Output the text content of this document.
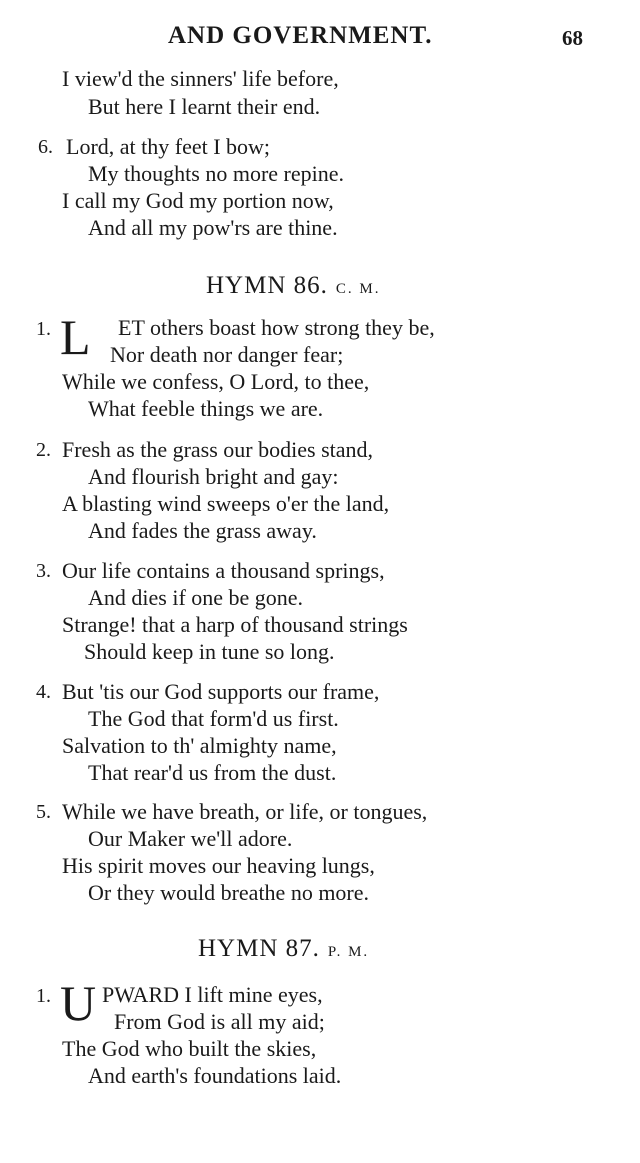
AND GOVERNMENT.	68
I view'd the sinners' life before,
But here I learnt their end.
6. Lord, at thy feet I bow;
My thoughts no more repine.
I call my God my portion now,
And all my pow'rs are thine.
HYMN 86. C. M.
1. L ET others boast how strong they be,
Nor death nor danger fear;
While we confess, O Lord, to thee,
What feeble things we are.
2. Fresh as the grass our bodies stand,
And flourish bright and gay:
A blasting wind sweeps o'er the land,
And fades the grass away.
3. Our life contains a thousand springs,
And dies if one be gone.
Strange! that a harp of thousand strings
Should keep in tune so long.
4. But 'tis our God supports our frame,
The God that form'd us first.
Salvation to th' almighty name,
That rear'd us from the dust.
5. While we have breath, or life, or tongues,
Our Maker we'll adore.
His spirit moves our heaving lungs,
Or they would breathe no more.
HYMN 87. P. M.
1. U PWARD I lift mine eyes,
From God is all my aid;
The God who built the skies,
And earth's foundations laid.
